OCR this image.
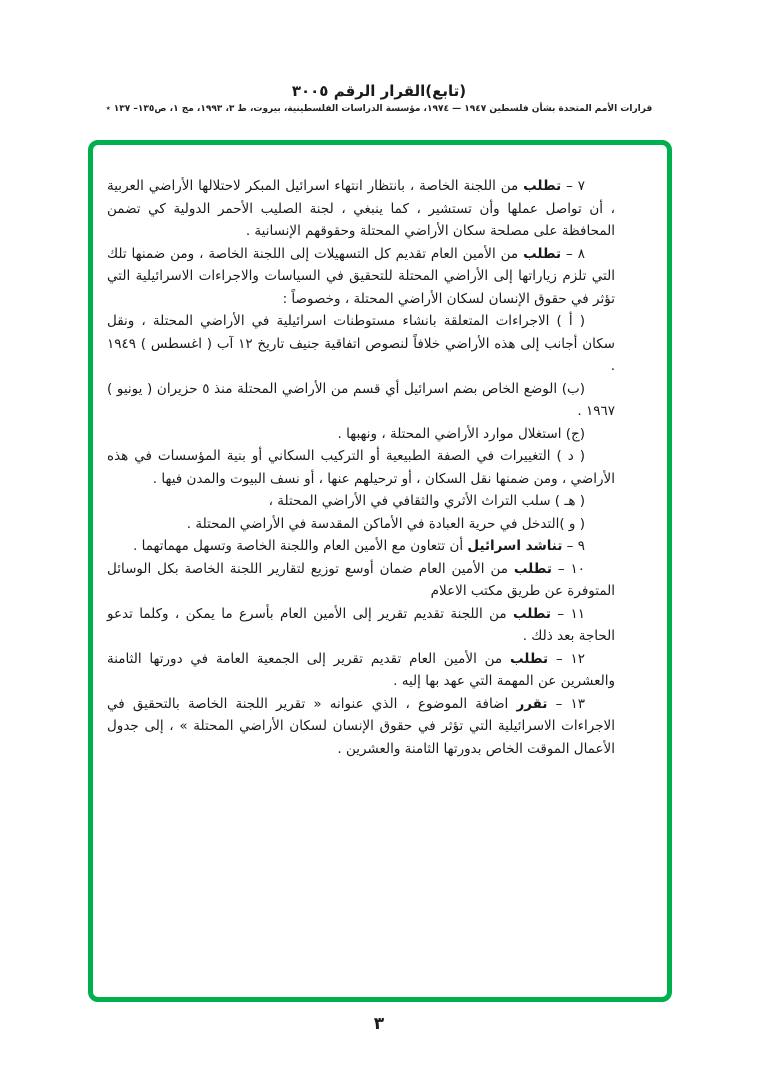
(تابع)القرار الرقم ٣٠٠٥
قرارات الأمم المتحدة بشأن فلسطين ١٩٤٧ — ١٩٧٤، مؤسسة الدراسات الفلسطينية، بيروت، ط ٣، ١٩٩٣، مج ١، ص١٣٥– ١٣٧ ٭

٧ – تطلب من اللجنة الخاصة ، بانتظار انتهاء اسرائيل المبكر لاحتلالها الأراضي العربية ، أن تواصل عملها وأن تستشير ، كما ينبغي ، لجنة الصليب الأحمر الدولية كي تضمن المحافظة على مصلحة سكان الأراضي المحتلة وحقوقهم الإنسانية .

٨ – تطلب من الأمين العام تقديم كل التسهيلات إلى اللجنة الخاصة ، ومن ضمنها تلك التي تلزم زياراتها إلى الأراضي المحتلة للتحقيق في السياسات والاجراءات الاسرائيلية التي تؤثر في حقوق الإنسان لسكان الأراضي المحتلة ، وخصوصاً :

( أ ) الاجراءات المتعلقة بانشاء مستوطنات اسرائيلية في الأراضي المحتلة ، ونقل سكان أجانب إلى هذه الأراضي خلافاً لنصوص اتفاقية جنيف تاريخ ١٢ آب ( اغسطس ) ١٩٤٩ .

(ب) الوضع الخاص بضم اسرائيل أي قسم من الأراضي المحتلة منذ ٥ حزيران ( يونيو ) ١٩٦٧ .

(ج) استغلال موارد الأراضي المحتلة ، ونهبها .

( د ) التغييرات في الصفة الطبيعية أو التركيب السكاني أو بنية المؤسسات في هذه الأراضي ، ومن ضمنها نقل السكان ، أو ترحيلهم عنها ، أو نسف البيوت والمدن فيها .

( هـ ) سلب التراث الأثري والثقافي في الأراضي المحتلة ،

( و )التدخل في حرية العبادة في الأماكن المقدسة في الأراضي المحتلة .

٩ – تناشد اسرائيل أن تتعاون مع الأمين العام واللجنة الخاصة وتسهل مهماتهما .

١٠ – تطلب من الأمين العام ضمان أوسع توزيع لتقارير اللجنة الخاصة بكل الوسائل المتوفرة عن طريق مكتب الاعلام

١١ – تطلب من اللجنة تقديم تقرير إلى الأمين العام بأسرع ما يمكن ، وكلما تدعو الحاجة بعد ذلك .

١٢ – تطلب من الأمين العام تقديم تقرير إلى الجمعية العامة في دورتها الثامنة والعشرين عن المهمة التي عهد بها إليه .

١٣ – تقرر اضافة الموضوع ، الذي عنوانه « تقرير اللجنة الخاصة بالتحقيق في الاجراءات الاسرائيلية التي تؤثر في حقوق الإنسان لسكان الأراضي المحتلة » ، إلى جدول الأعمال الموقت الخاص بدورتها الثامنة والعشرين .

٣
